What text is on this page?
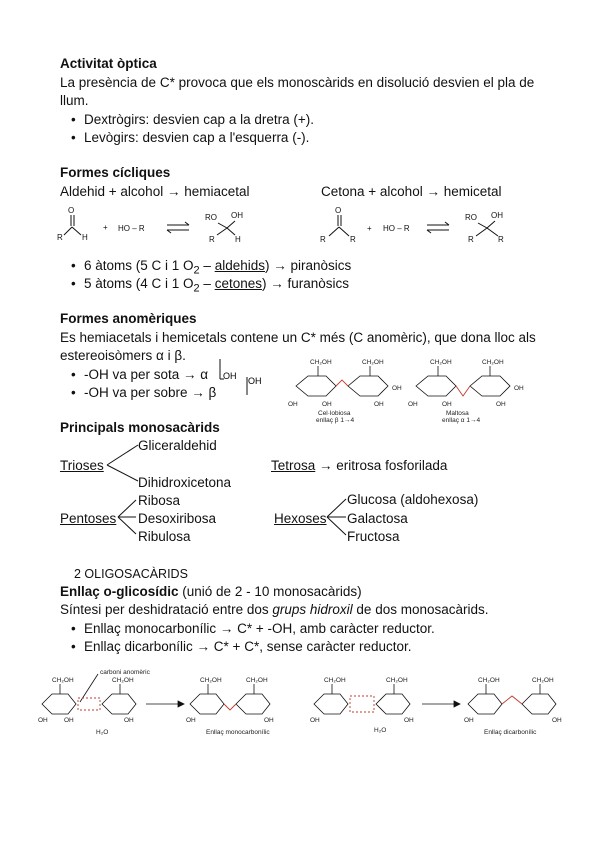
Activitat òptica
La presència de C* provoca que els monoscàrids en disolució desvien el pla de
llum.
• Dextrògirs: desvien cap a la dretra (+).
• Levògirs: desvien cap a l'esquerra (-).
Formes cícliques
Aldehid + alcohol → hemiacetal	Cetona + alcohol → hemicetal
O
R H
+ HO – R
RO OH
R	H
O
R	R
+ HO – R
RO OH
R	R
• 6 àtoms (5 C i 1 $O_2$ – aldehids) → piranòsics
• 5 àtoms (4 C i 1 $O_2$ – cetones) → furanòsics
Formes anomèriques
Es hemiacetals i hemicetals contene un C* més (C anomèric), que dona lloc als
estereoisòmers α i β.
• -OH va per sota → α
• -OH va per sobre → β
OH OH
CH₂OH	CH₂OH	CH₂OH	CH₂OH
OH	OH	OH
OH
OH	OH	OH
OH
Cel·lobiosa
enllaç β 1→4
Maltosa
enllaç α 1→4
Principals monosacàrids
Gliceraldehid
Trioses
Dihidroxicetona
Tetrosa → eritrosa fosforilada
Ribosa
Pentoses Desoxiribosa
Ribulosa
Glucosa (aldohexosa)
Hexoses Galactosa
Fructosa
2 OLIGOSACÀRIDS
Enllaç o-glicosídic (unió de 2 - 10 monosacàrids)
Síntesi per deshidratació entre dos grups hidroxil de dos monosacàrids.
• Enllaç monocarbonílic → C* + -OH, amb caràcter reductor.
• Enllaç dicarbonílic → C* + C*, sense caràcter reductor.
carboni anomèric
CH₂OH	CH₂OH	CH₂OH	CH₂OH	CH₂OH	CH₂OH	CH₂OH	CH₂OH
OH	OH	OH	OH	OH	OH	OH	OH	OH
H₂O	H₂O
Enllaç monocarbonílic	Enllaç dicarbonílic
